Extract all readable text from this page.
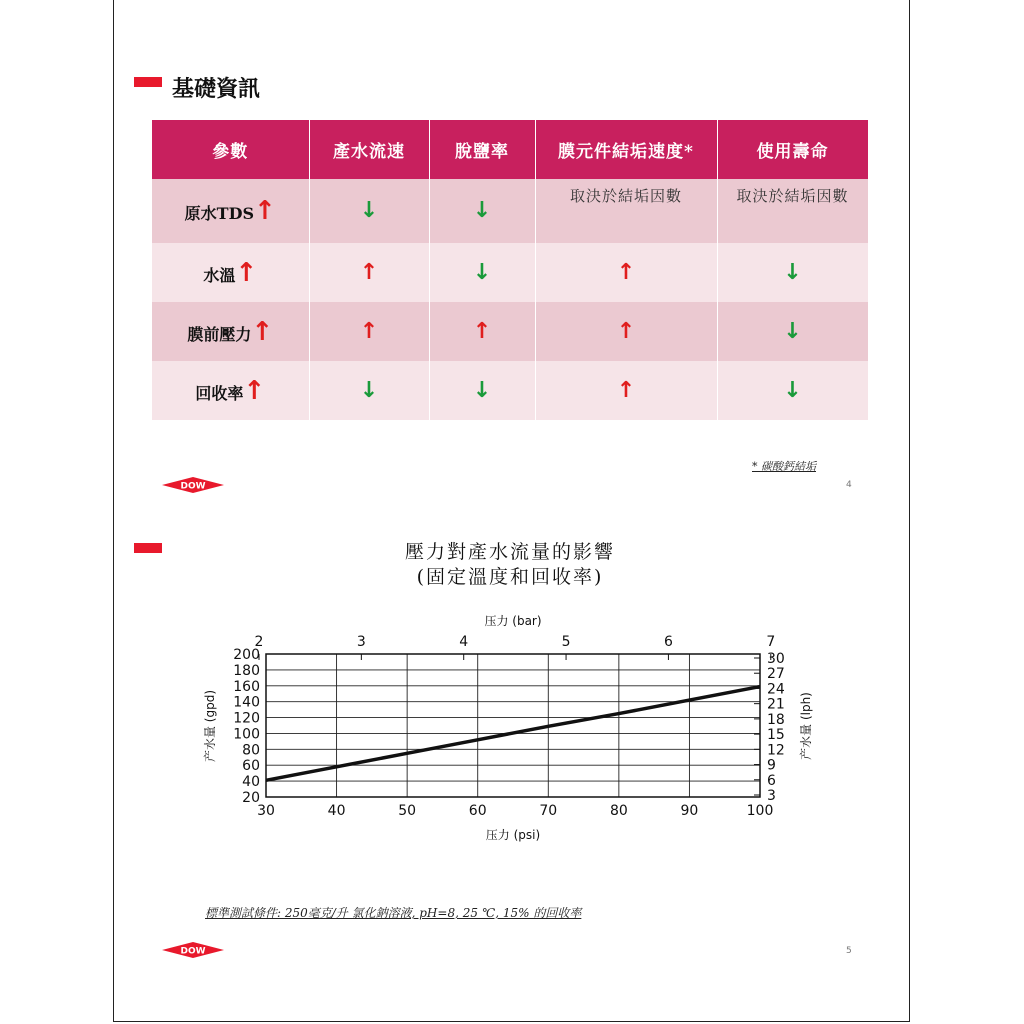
基礎資訊
參數	產水流速	脫鹽率	膜元件結垢速度*	使用壽命
原水TDS↑	↓	↓	取決於結垢因數	取決於結垢因數
水溫↑	↑	↓	↑	↓
膜前壓力↑	↑	↑	↑	↓
回收率↑	↓	↓	↑	↓
* 碳酸鈣結垢
4
DOW
壓力對產水流量的影響
(固定溫度和回收率)
20
40
60
80
100
120
140
160
180
200
30	40	50	60	70	80	90	100
2	3	4	5	6	7
3
6
9
12
15
18
21
24
27
30
压力 (bar)
压力 (psi)
产水量 (gpd)	产水量 (lph)
標準測試條件: 250毫克/升 氯化鈉溶液, pH=8, 25 ℃, 15% 的回收率
5
DOW
